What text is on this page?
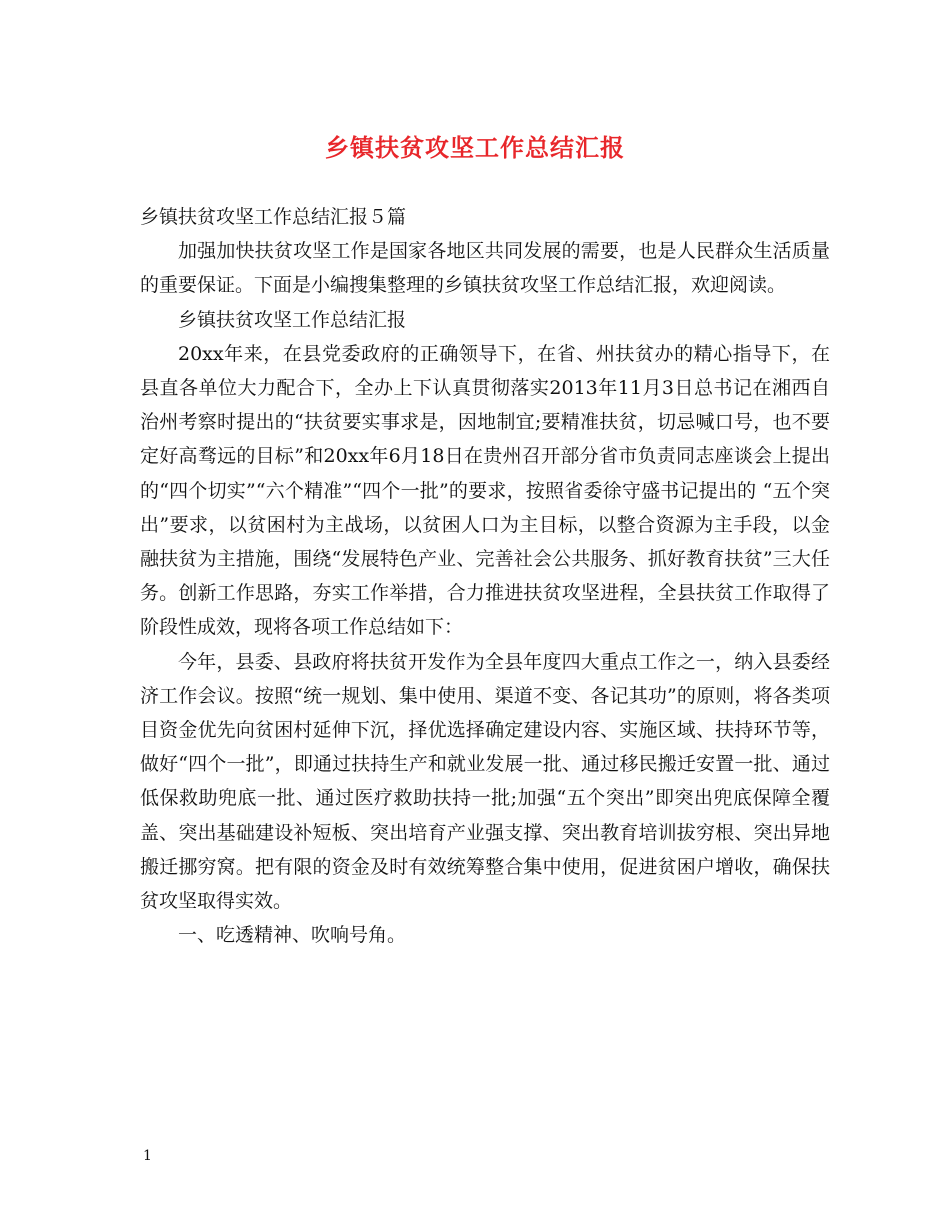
乡镇扶贫攻坚工作总结汇报

乡镇扶贫攻坚工作总结汇报５篇

加强加快扶贫攻坚工作是国家各地区共同发展的需要，也是人民群众生活质量的重要保证。下面是小编搜集整理的乡镇扶贫攻坚工作总结汇报，欢迎阅读。

乡镇扶贫攻坚工作总结汇报

20xx年来，在县党委政府的正确领导下，在省、州扶贫办的精心指导下，在县直各单位大力配合下，全办上下认真贯彻落实2013年11月3日总书记在湘西自治州考察时提出的“扶贫要实事求是，因地制宜;要精准扶贫，切忌喊口号，也不要定好高骛远的目标”和20xx年6月18日在贵州召开部分省市负责同志座谈会上提出的“四个切实”“六个精准”“四个一批”的要求，按照省委徐守盛书记提出的 “五个突出”要求，以贫困村为主战场，以贫困人口为主目标，以整合资源为主手段，以金融扶贫为主措施，围绕“发展特色产业、完善社会公共服务、抓好教育扶贫”三大任务。创新工作思路，夯实工作举措，合力推进扶贫攻坚进程，全县扶贫工作取得了阶段性成效，现将各项工作总结如下：

今年，县委、县政府将扶贫开发作为全县年度四大重点工作之一，纳入县委经济工作会议。按照“统一规划、集中使用、渠道不变、各记其功”的原则，将各类项目资金优先向贫困村延伸下沉，择优选择确定建设内容、实施区域、扶持环节等，做好“四个一批”，即通过扶持生产和就业发展一批、通过移民搬迁安置一批、通过低保救助兜底一批、通过医疗救助扶持一批;加强“五个突出”即突出兜底保障全覆盖、突出基础建设补短板、突出培育产业强支撑、突出教育培训拔穷根、突出异地搬迁挪穷窝。把有限的资金及时有效统筹整合集中使用，促进贫困户增收，确保扶贫攻坚取得实效。

一、吃透精神、吹响号角。

1
